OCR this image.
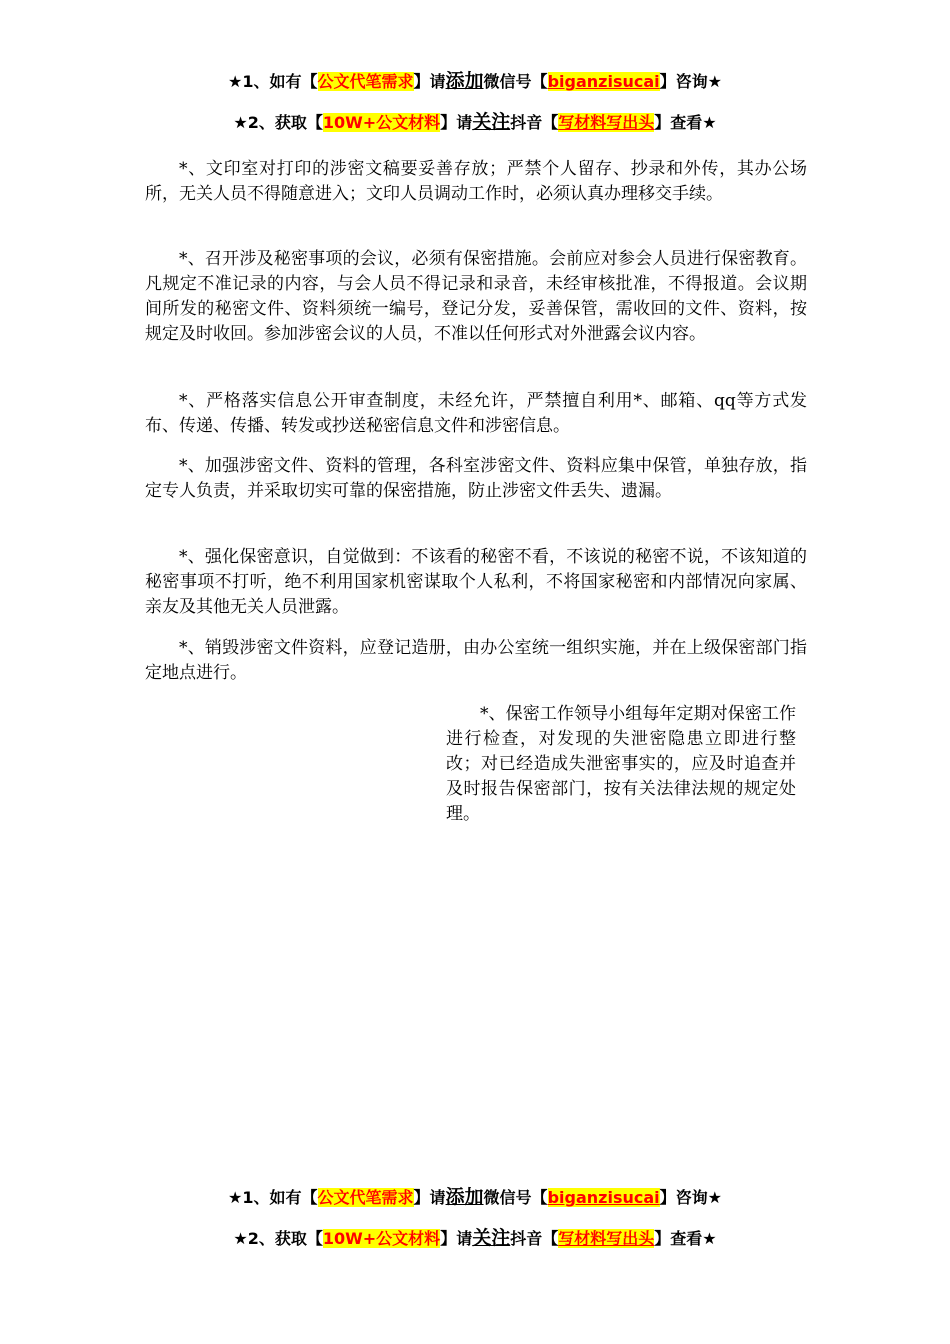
★1、如有【公文代笔需求】请添加微信号【biganzisucai】咨询★
★2、获取【10W+公文材料】请关注抖音【写材料写出头】查看★

*、文印室对打印的涉密文稿要妥善存放；严禁个人留存、抄录和外传，其办公场所，无关人员不得随意进入；文印人员调动工作时，必须认真办理移交手续。

*、召开涉及秘密事项的会议，必须有保密措施。会前应对参会人员进行保密教育。凡规定不准记录的内容，与会人员不得记录和录音，未经审核批准，不得报道。会议期间所发的秘密文件、资料须统一编号，登记分发，妥善保管，需收回的文件、资料，按规定及时收回。参加涉密会议的人员，不准以任何形式对外泄露会议内容。

*、严格落实信息公开审查制度，未经允许，严禁擅自利用*、邮箱、qq等方式发布、传递、传播、转发或抄送秘密信息文件和涉密信息。

*、加强涉密文件、资料的管理，各科室涉密文件、资料应集中保管，单独存放，指定专人负责，并采取切实可靠的保密措施，防止涉密文件丢失、遗漏。

*、强化保密意识，自觉做到：不该看的秘密不看，不该说的秘密不说，不该知道的秘密事项不打听，绝不利用国家机密谋取个人私利，不将国家秘密和内部情况向家属、亲友及其他无关人员泄露。

*、销毁涉密文件资料，应登记造册，由办公室统一组织实施，并在上级保密部门指定地点进行。

*、保密工作领导小组每年定期对保密工作进行检查，对发现的失泄密隐患立即进行整改；对已经造成失泄密事实的，应及时追查并及时报告保密部门，按有关法律法规的规定处理。

★1、如有【公文代笔需求】请添加微信号【biganzisucai】咨询★
★2、获取【10W+公文材料】请关注抖音【写材料写出头】查看★
